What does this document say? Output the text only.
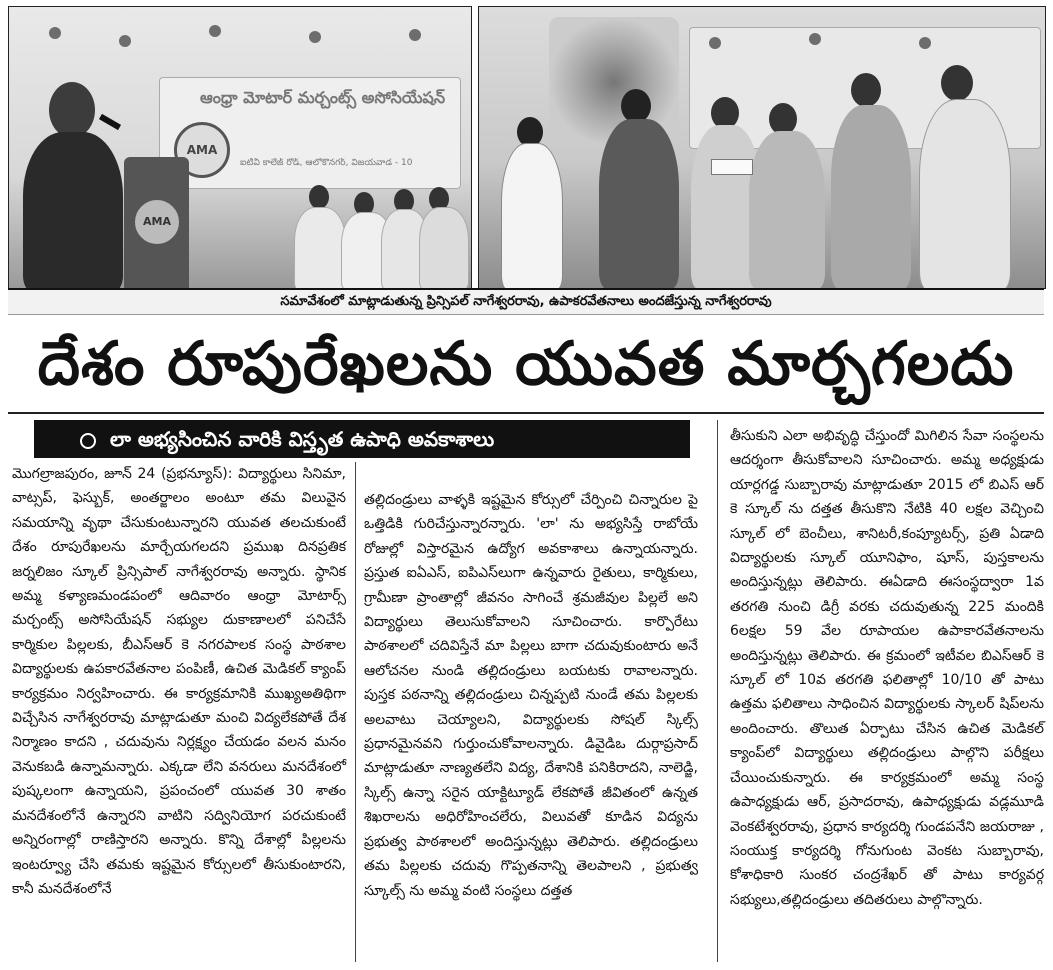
ఆంధ్రా మోటార్ మర్చంట్స్ అసోసియేషన్
ఐటీవీ కాలేజ్ రోడ్, ఆలోకొనగర్, విజయవాడ - 10
AMA
AMA
సమావేశంలో మాట్లాడుతున్న ప్రిన్సిపల్ నాగేశ్వరరావు, ఉపాకరవేతనాలు అందజేస్తున్న నాగేశ్వరరావు
దేశం రూపురేఖలను యువత మార్చగలదు
లా అభ్యసించిన వారికి విస్తృత ఉపాధి అవకాశాలు

మొగల్రాజపురం, జూన్ 24 (ప్రభన్యూస్): విద్యార్థులు సినిమా, వాట్సప్, ఫెస్బుక్, అంతర్జాలం అంటూ తమ విలువైన సమయాన్ని వృథా చేసుకుంటున్నారని యువత తలచుకుంటే దేశం రూపురేఖలను మార్చేయగలదని ప్రముఖ దినప్రతిక జర్నలిజం స్కూల్ ప్రిన్సిపాల్ నాగేశ్వరరావు అన్నారు. స్థానిక అమ్మ కళ్యాణమండపంలో ఆదివారం ఆంధ్రా మోటార్స్ మర్చంట్స్ అసోసియేషన్ సభ్యుల దుకాణాలలో పనిచేసే కార్మికుల పిల్లలకు, బీఎస్ఆర్ కె నగరపాలక సంస్థ పాఠశాల విద్యార్థులకు ఉపకారవేతనాల పంపిణీ, ఉచిత మెడికల్ క్యాంప్ కార్యక్రమం నిర్వహించారు. ఈ కార్యక్రమానికి ముఖ్యఅతిథిగా విచ్చేసిన నాగేశ్వరరావు మాట్లాడుతూ మంచి విద్యలేకపోతే దేశ నిర్మాణం కాదని , చదువును నిర్లక్ష్యం చేయడం వలన మనం వెనుకబడి ఉన్నామన్నారు. ఎక్కడా లేని వనరులు మనదేశంలో పుష్కలంగా ఉన్నాయని, ప్రపంచంలో యువత 30 శాతం మనదేశంలోనే ఉన్నారని వాటిని సద్వినియోగ పరచుకుంటే అన్నిరంగాల్లో రాణిస్తారని అన్నారు. కొన్ని దేశాల్లో పిల్లలను ఇంటర్వ్యూ చేసి తమకు ఇష్టమైన కోర్సులలో తీసుకుంటారని, కానీ మనదేశంలోనే

తల్లిదండ్రులు వాళ్ళకి ఇష్టమైన కోర్సులో చేర్పించి చిన్నారుల పై ఒత్తిడికి గురిచేస్తున్నారన్నారు. 'లా' ను అభ్యసిస్తే రాబోయే రోజుల్లో విస్తారమైన ఉద్యోగ అవకాశాలు ఉన్నాయన్నారు. ప్రస్తుత ఐఏఎస్, ఐపిఎస్‌లుగా ఉన్నవారు రైతులు, కార్మికులు, గ్రామీణా ప్రాంతాల్లో జీవనం సాగించే శ్రమజీవుల పిల్లలే అని విద్యార్థులు తెలుసుకోవాలని సూచించారు. కార్పొరేటు పాఠశాలలో చదివిస్తేనే మా పిల్లలు బాగా చదువుకుంటారు అనే ఆలోచనల నుండి తల్లిదండ్రులు బయటకు రావాలన్నారు. పుస్తక పఠనాన్ని తల్లిదండ్రులు చిన్నప్పటి నుండే తమ పిల్లలకు అలవాటు చెయ్యాలని, విద్యార్థులకు సోషల్ స్కిల్స్ ప్రధానమైనవని గుర్తుంచుకోవాలన్నారు. డివైడిఒ దుర్గాప్రసాద్ మాట్లాడుతూ నాణ్యతలేని విద్య, దేశానికి పనికిరాదని, నాలెడ్జి, స్కిల్స్ ఉన్నా సరైన యాక్టిట్యూడ్ లేకపోతే జీవితంలో ఉన్నత శిఖరాలను అధిరోహించలేరు, విలువతో కూడిన విద్యను ప్రభుత్వ పాఠశాలలో అందిస్తున్నట్లు తెలిపారు. తల్లిదండ్రులు తమ పిల్లలకు చదువు గొప్పతనాన్ని తెలపాలని , ప్రభుత్వ స్కూల్స్ ను అమ్మ వంటి సంస్థలు దత్తత

తీసుకుని ఎలా అభివృద్ధి చేస్తుందో మిగిలిన సేవా సంస్థలను ఆదర్శంగా తీసుకోవాలని సూచించారు. అమ్మ అధ్యక్షుడు యార్లగడ్డ సుబ్బారావు మాట్లాడుతూ 2015 లో బిఎస్ ఆర్ కె స్కూల్ ను దత్తత తీసుకొని నేటికి 40 లక్షల వెచ్చించి స్కూల్ లో బెంచీలు, శానిటరీ,కంప్యూటర్స్, ప్రతి ఏడాది విద్యార్థులకు స్కూల్ యూనిఫాం, షూస్, పుస్తకాలను అందిస్తున్నట్లు తెలిపారు. ఈఏడాది ఈసంస్థద్వారా 1వ తరగతి నుంచి డిగ్రీ వరకు చదువుతున్న 225 మందికి 6లక్షల 59 వేల రూపాయల ఉపాకారవేతనాలను అందిస్తున్నట్లు తెలిపారు. ఈ క్రమంలో ఇటీవల బిఎస్ఆర్ కె స్కూల్ లో 10వ తరగతి ఫలితాల్లో 10/10 తో పాటు ఉత్తమ ఫలితాలు సాధించిన విద్యార్థులకు స్కాలర్ షిప్‌లను అందించారు. తొలుత ఏర్పాటు చేసిన ఉచిత మెడికల్ క్యాంప్‌లో విద్యార్థులు తల్లిదండ్రులు పాల్గొని పరీక్షలు చేయించుకున్నారు. ఈ కార్యక్రమంలో అమ్మ సంస్థ ఉపాధ్యక్షుడు ఆర్, ప్రసాదరావు, ఉపాధ్యక్షుడు వడ్లమూడి వెంకటేశ్వరరావు, ప్రధాన కార్యదర్శి గుండపనేని జయరాజు , సంయుక్త కార్యదర్శి గోనుగుంట వెంకట సుబ్బారావు, కోశాధికారి సుంకర చంద్రశేఖర్ తో పాటు కార్యవర్గ సభ్యులు,తల్లిదండ్రులు తదితరులు పాల్గొన్నారు.
